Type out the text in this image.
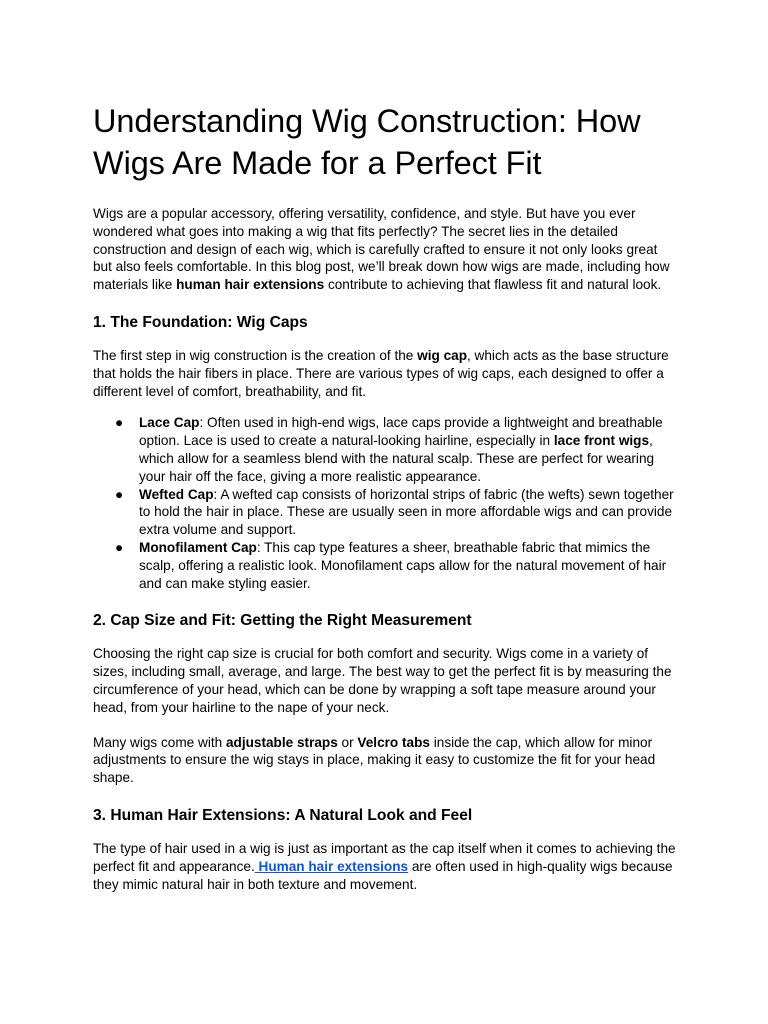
Understanding Wig Construction: How Wigs Are Made for a Perfect Fit

Wigs are a popular accessory, offering versatility, confidence, and style. But have you ever wondered what goes into making a wig that fits perfectly? The secret lies in the detailed construction and design of each wig, which is carefully crafted to ensure it not only looks great but also feels comfortable. In this blog post, we’ll break down how wigs are made, including how materials like human hair extensions contribute to achieving that flawless fit and natural look.

1. The Foundation: Wig Caps

The first step in wig construction is the creation of the wig cap, which acts as the base structure that holds the hair fibers in place. There are various types of wig caps, each designed to offer a different level of comfort, breathability, and fit.

● Lace Cap: Often used in high-end wigs, lace caps provide a lightweight and breathable option. Lace is used to create a natural-looking hairline, especially in lace front wigs, which allow for a seamless blend with the natural scalp. These are perfect for wearing your hair off the face, giving a more realistic appearance.
● Wefted Cap: A wefted cap consists of horizontal strips of fabric (the wefts) sewn together to hold the hair in place. These are usually seen in more affordable wigs and can provide extra volume and support.
● Monofilament Cap: This cap type features a sheer, breathable fabric that mimics the scalp, offering a realistic look. Monofilament caps allow for the natural movement of hair and can make styling easier.
2. Cap Size and Fit: Getting the Right Measurement

Choosing the right cap size is crucial for both comfort and security. Wigs come in a variety of sizes, including small, average, and large. The best way to get the perfect fit is by measuring the circumference of your head, which can be done by wrapping a soft tape measure around your head, from your hairline to the nape of your neck.

Many wigs come with adjustable straps or Velcro tabs inside the cap, which allow for minor adjustments to ensure the wig stays in place, making it easy to customize the fit for your head shape.

3. Human Hair Extensions: A Natural Look and Feel

The type of hair used in a wig is just as important as the cap itself when it comes to achieving the perfect fit and appearance. Human hair extensions are often used in high-quality wigs because they mimic natural hair in both texture and movement.
